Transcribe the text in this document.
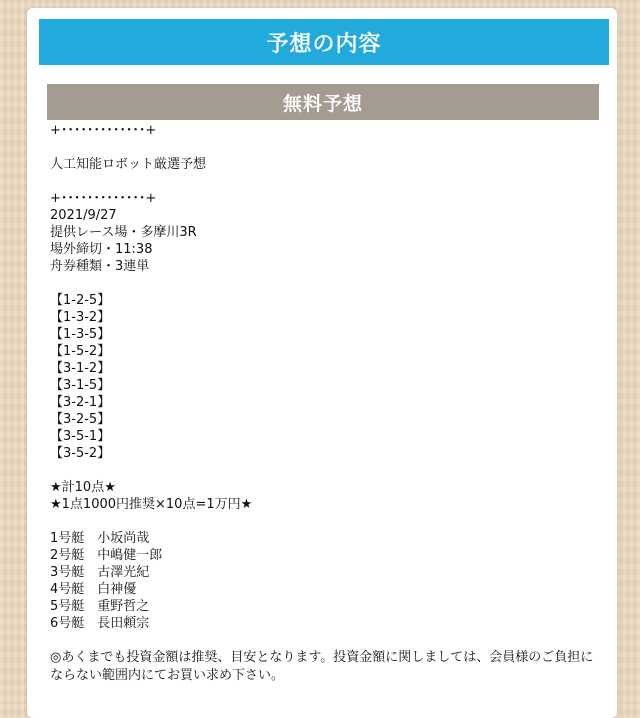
予想の内容
無料予想
+･････････････+
人工知能ロボット厳選予想
+･････････････+
2021/9/27
提供レース場・多摩川3R
場外締切・11:38
舟券種類・3連単
【1-2-5】
【1-3-2】
【1-3-5】
【1-5-2】
【3-1-2】
【3-1-5】
【3-2-1】
【3-2-5】
【3-5-1】
【3-5-2】
★計10点★
★1点1000円推奨×10点=1万円★
1号艇　 小坂尚哉
2号艇　 中嶋健一郎
3号艇　 古澤光紀
4号艇　 白神優
5号艇　 重野哲之
6号艇　 長田頼宗
◎あくまでも投資金額は推奨、目安となります。投資金額に関しましては、会員様のご負担にならない範囲内にてお買い求め下さい。
